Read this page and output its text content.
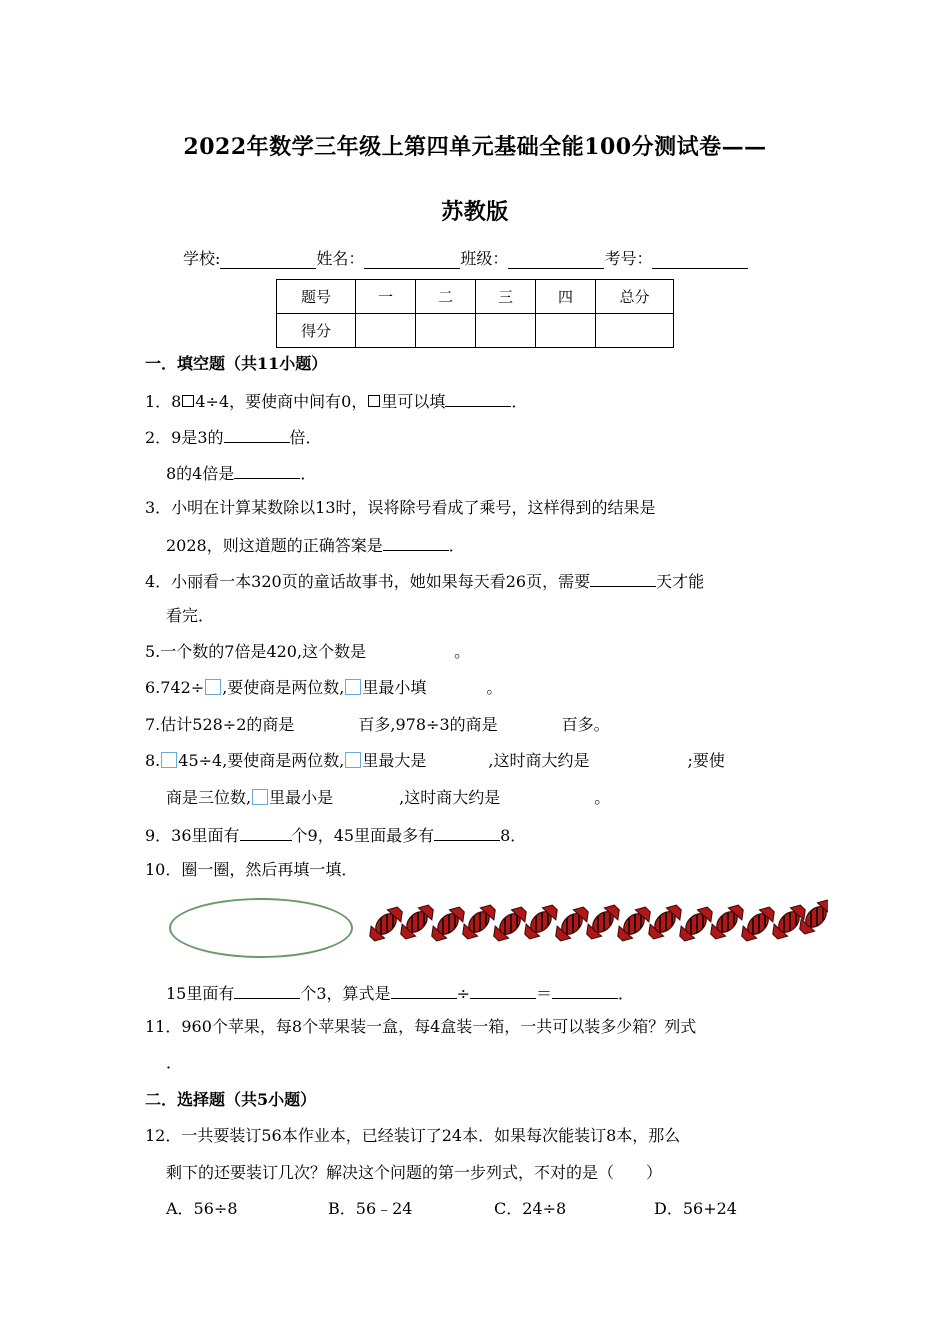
2022年数学三年级上第四单元基础全能100分测试卷——
苏教版
学校:	姓名：	班级：	考号：
题号	一	二	三	四	总分
得分					
一．填空题（共11小题）
1．8 4÷4，要使商中间有0， 里可以填	．
2．9是3的	倍．
8的4倍是	．
3．小明在计算某数除以13时，误将除号看成了乘号，这样得到的结果是
2028，则这道题的正确答案是	．
4．小丽看一本320页的童话故事书，她如果每天看26页，需要	天才能
看完．
5.一个数的7倍是420,这个数是	。
6.742÷ ,要使商是两位数, 里最小填	。
7.估计528÷2的商是	百多,978÷3的商是	百多。
8. 45÷4,要使商是两位数, 里最大是	,这时商大约是	;要使
商是三位数, 里最小是	,这时商大约是	。
9．36里面有	个9，45里面最多有	8．
10．圈一圈，然后再填一填．
15里面有	个3，算式是	÷	＝	．
11．960个苹果，每8个苹果装一盒，每4盒装一箱，一共可以装多少箱？列式
．
二．选择题（共5小题）
12．一共要装订56本作业本，已经装订了24本．如果每次能装订8本，那么
剩下的还要装订几次？解决这个问题的第一步列式，不对的是（　　）
A．56÷8	B．56﹣24	C．24÷8	D．56+24
